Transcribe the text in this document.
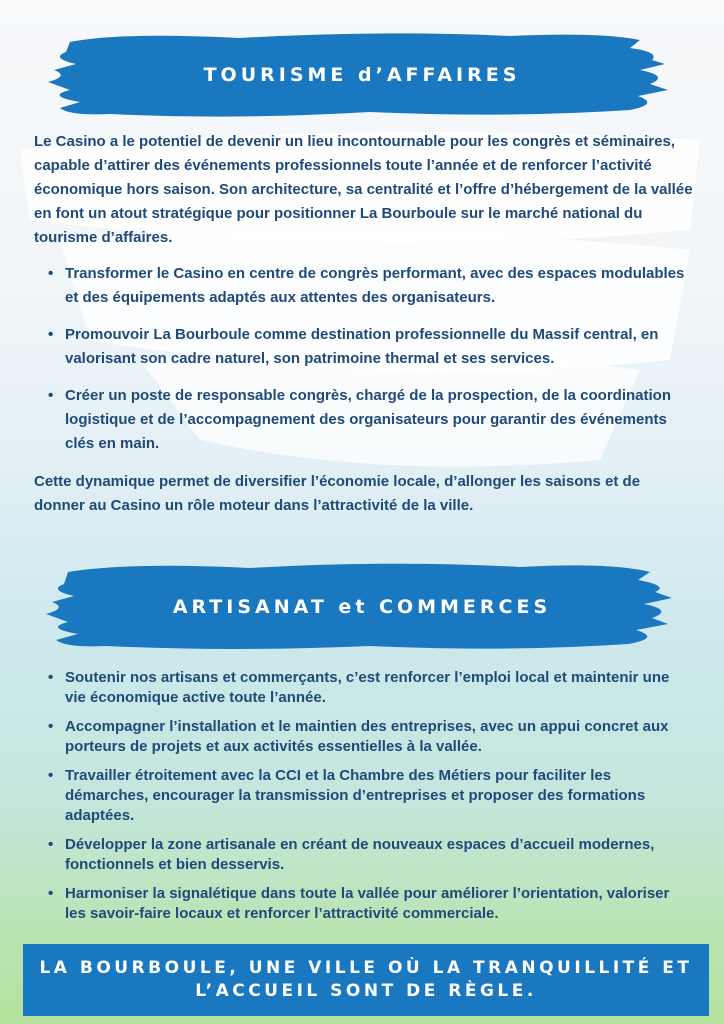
TOURISME d’AFFAIRES

Le Casino a le potentiel de devenir un lieu incontournable pour les congrès et séminaires, capable d’attirer des événements professionnels toute l’année et de renforcer l’activité économique hors saison. Son architecture, sa centralité et l’offre d’hébergement de la vallée en font un atout stratégique pour positionner La Bourboule sur le marché national du tourisme d’affaires.

• Transformer le Casino en centre de congrès performant, avec des espaces modulables et des équipements adaptés aux attentes des organisateurs.
• Promouvoir La Bourboule comme destination professionnelle du Massif central, en valorisant son cadre naturel, son patrimoine thermal et ses services.
• Créer un poste de responsable congrès, chargé de la prospection, de la coordination logistique et de l’accompagnement des organisateurs pour garantir des événements clés en main.

Cette dynamique permet de diversifier l’économie locale, d’allonger les saisons et de donner au Casino un rôle moteur dans l’attractivité de la ville.

ARTISANAT et COMMERCES
• Soutenir nos artisans et commerçants, c’est renforcer l’emploi local et maintenir une vie économique active toute l’année.
• Accompagner l’installation et le maintien des entreprises, avec un appui concret aux porteurs de projets et aux activités essentielles à la vallée.
• Travailler étroitement avec la CCI et la Chambre des Métiers pour faciliter les démarches, encourager la transmission d’entreprises et proposer des formations adaptées.
• Développer la zone artisanale en créant de nouveaux espaces d’accueil modernes, fonctionnels et bien desservis.
• Harmoniser la signalétique dans toute la vallée pour améliorer l’orientation, valoriser les savoir-faire locaux et renforcer l’attractivité commerciale.
LA BOURBOULE, UNE VILLE OÙ LA TRANQUILLITÉ ET
L’ACCUEIL SONT DE RÈGLE.
